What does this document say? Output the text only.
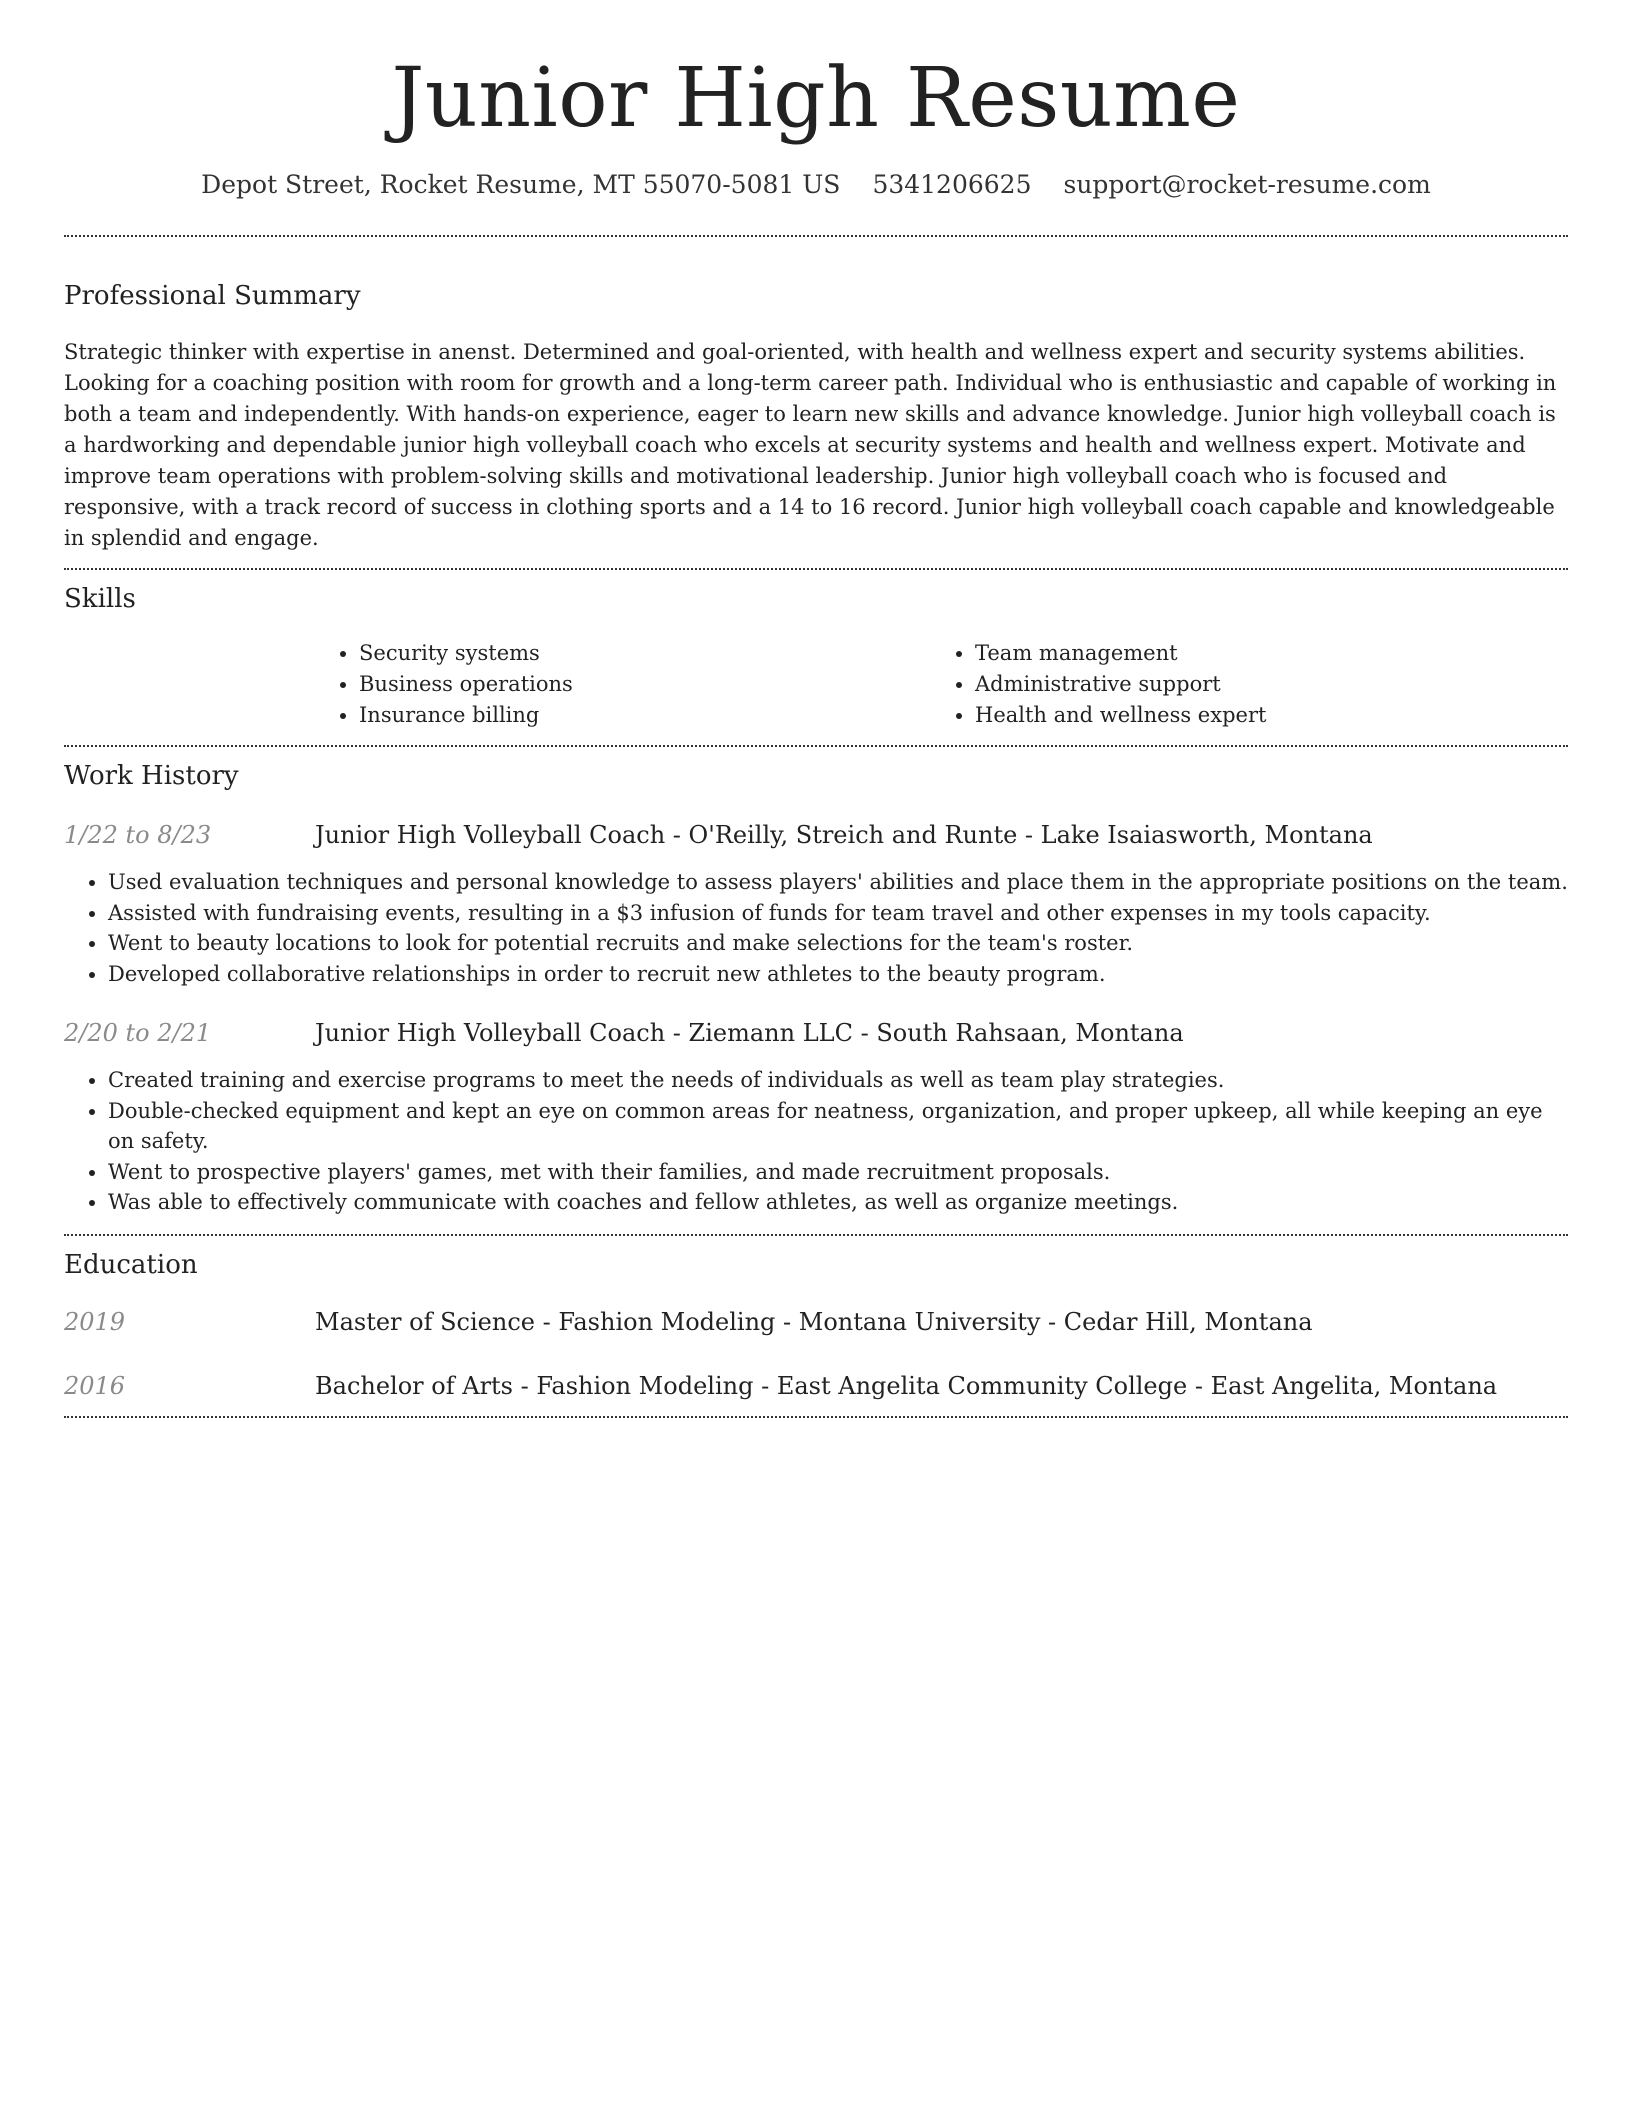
Junior High Resume
Depot Street, Rocket Resume, MT 55070-5081 US 5341206625 support@rocket-resume.com
Professional Summary

Strategic thinker with expertise in anenst. Determined and goal-oriented, with health and wellness expert and security systems abilities. Looking for a coaching position with room for growth and a long-term career path. Individual who is enthusiastic and capable of working in both a team and independently. With hands-on experience, eager to learn new skills and advance knowledge. Junior high volleyball coach is a hardworking and dependable junior high volleyball coach who excels at security systems and health and wellness expert. Motivate and improve team operations with problem-solving skills and motivational leadership. Junior high volleyball coach who is focused and responsive, with a track record of success in clothing sports and a 14 to 16 record. Junior high volleyball coach capable and knowledgeable in splendid and engage.

Skills
• Security systems
• Business operations
• Insurance billing
• Team management
• Administrative support
• Health and wellness expert
Work History
1/22 to 8/23	Junior High Volleyball Coach - O'Reilly, Streich and Runte - Lake Isaiasworth, Montana
• Used evaluation techniques and personal knowledge to assess players' abilities and place them in the appropriate positions on the team.
• Assisted with fundraising events, resulting in a $3 infusion of funds for team travel and other expenses in my tools capacity.
• Went to beauty locations to look for potential recruits and make selections for the team's roster.
• Developed collaborative relationships in order to recruit new athletes to the beauty program.
2/20 to 2/21	Junior High Volleyball Coach - Ziemann LLC - South Rahsaan, Montana
• Created training and exercise programs to meet the needs of individuals as well as team play strategies.
• Double-checked equipment and kept an eye on common areas for neatness, organization, and proper upkeep, all while keeping an eye on safety.
• Went to prospective players' games, met with their families, and made recruitment proposals.
• Was able to effectively communicate with coaches and fellow athletes, as well as organize meetings.
Education
2019	Master of Science - Fashion Modeling - Montana University - Cedar Hill, Montana
2016	Bachelor of Arts - Fashion Modeling - East Angelita Community College - East Angelita, Montana
